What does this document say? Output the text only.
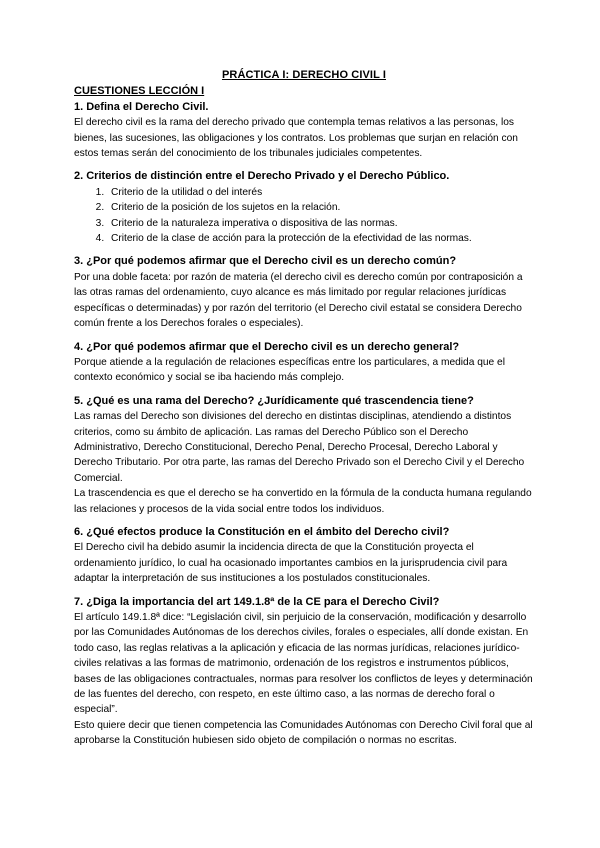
PRÁCTICA I: DERECHO CIVIL I

CUESTIONES LECCIÓN I

1. Defina el Derecho Civil.

El derecho civil es la rama del derecho privado que contempla temas relativos a las personas, los bienes, las sucesiones, las obligaciones y los contratos. Los problemas que surjan en relación con estos temas serán del conocimiento de los tribunales judiciales competentes.

2. Criterios de distinción entre el Derecho Privado y el Derecho Público.

1. Criterio de la utilidad o del interés
2. Criterio de la posición de los sujetos en la relación.
3. Criterio de la naturaleza imperativa o dispositiva de las normas.
4. Criterio de la clase de acción para la protección de la efectividad de las normas.

3. ¿Por qué podemos afirmar que el Derecho civil es un derecho común?

Por una doble faceta: por razón de materia (el derecho civil es derecho común por contraposición a las otras ramas del ordenamiento, cuyo alcance es más limitado por regular relaciones jurídicas específicas o determinadas) y por razón del territorio (el Derecho civil estatal se considera Derecho común frente a los Derechos forales o especiales).

4. ¿Por qué podemos afirmar que el Derecho civil es un derecho general?

Porque atiende a la regulación de relaciones específicas entre los particulares, a medida que el contexto económico y social se iba haciendo más complejo.

5. ¿Qué es una rama del Derecho? ¿Jurídicamente qué trascendencia tiene?

Las ramas del Derecho son divisiones del derecho en distintas disciplinas, atendiendo a distintos criterios, como su ámbito de aplicación. Las ramas del Derecho Público son el Derecho Administrativo, Derecho Constitucional, Derecho Penal, Derecho Procesal, Derecho Laboral y Derecho Tributario. Por otra parte, las ramas del Derecho Privado son el Derecho Civil y el Derecho Comercial.

La trascendencia es que el derecho se ha convertido en la fórmula de la conducta humana regulando las relaciones y procesos de la vida social entre todos los individuos.

6. ¿Qué efectos produce la Constitución en el ámbito del Derecho civil?

El Derecho civil ha debido asumir la incidencia directa de que la Constitución proyecta el ordenamiento jurídico, lo cual ha ocasionado importantes cambios en la jurisprudencia civil para adaptar la interpretación de sus instituciones a los postulados constitucionales.

7. ¿Diga la importancia del art 149.1.8ª de la CE para el Derecho Civil?

El artículo 149.1.8ª dice: “Legislación civil, sin perjuicio de la conservación, modificación y desarrollo por las Comunidades Autónomas de los derechos civiles, forales o especiales, allí donde existan. En todo caso, las reglas relativas a la aplicación y eficacia de las normas jurídicas, relaciones jurídico-civiles relativas a las formas de matrimonio, ordenación de los registros e instrumentos públicos, bases de las obligaciones contractuales, normas para resolver los conflictos de leyes y determinación de las fuentes del derecho, con respeto, en este último caso, a las normas de derecho foral o especial”.

Esto quiere decir que tienen competencia las Comunidades Autónomas con Derecho Civil foral que al aprobarse la Constitución hubiesen sido objeto de compilación o normas no escritas.
